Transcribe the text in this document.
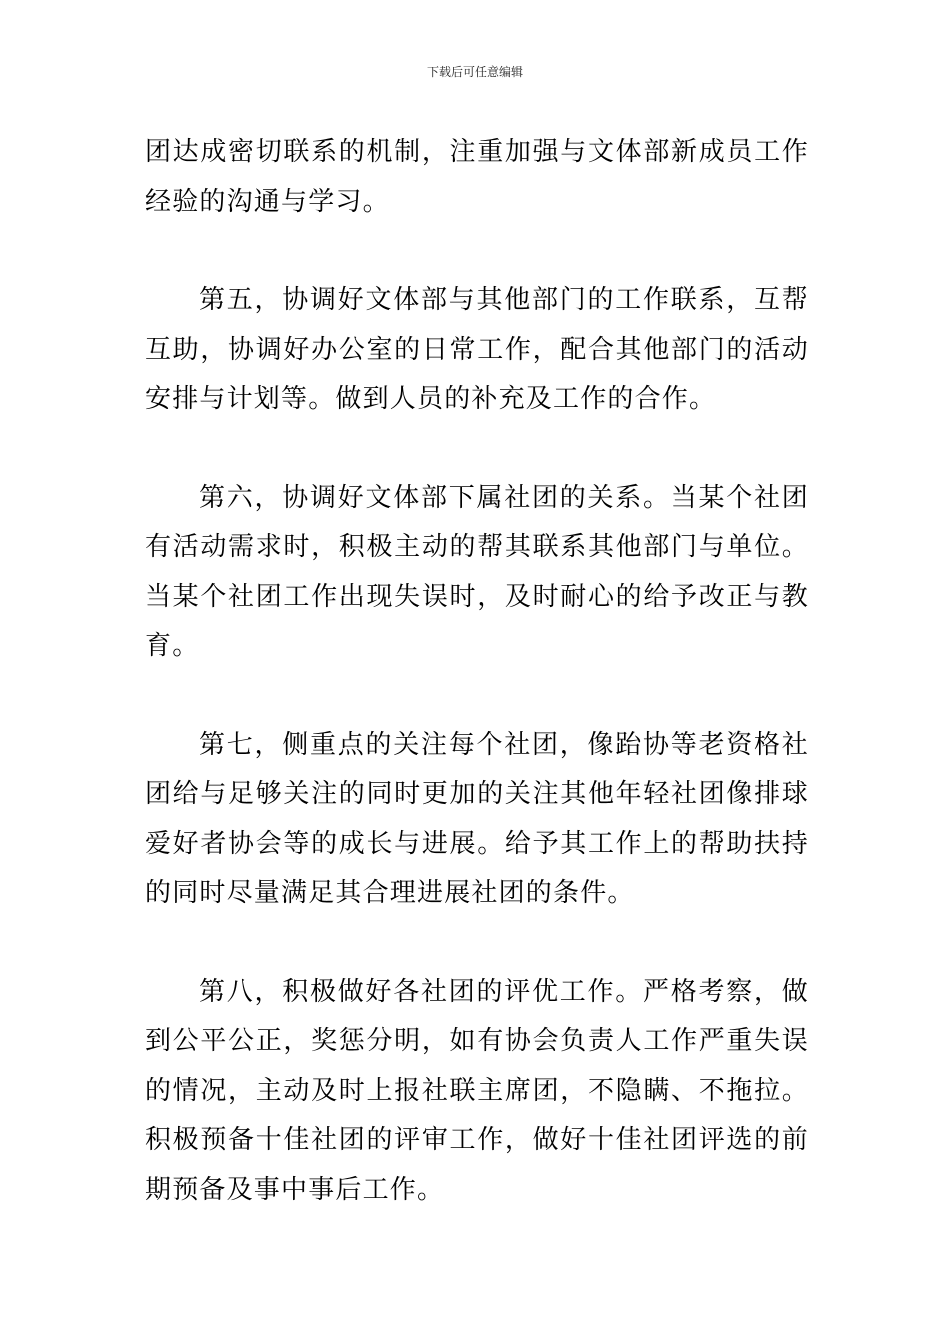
下载后可任意编辑

团达成密切联系的机制，注重加强与文体部新成员工作经验的沟通与学习。

第五，协调好文体部与其他部门的工作联系，互帮互助，协调好办公室的日常工作，配合其他部门的活动安排与计划等。做到人员的补充及工作的合作。

第六，协调好文体部下属社团的关系。当某个社团有活动需求时，积极主动的帮其联系其他部门与单位。当某个社团工作出现失误时，及时耐心的给予改正与教育。

第七，侧重点的关注每个社团，像跆协等老资格社团给与足够关注的同时更加的关注其他年轻社团像排球爱好者协会等的成长与进展。给予其工作上的帮助扶持的同时尽量满足其合理进展社团的条件。

第八，积极做好各社团的评优工作。严格考察，做到公平公正，奖惩分明，如有协会负责人工作严重失误的情况，主动及时上报社联主席团，不隐瞒、不拖拉。积极预备十佳社团的评审工作，做好十佳社团评选的前期预备及事中事后工作。
